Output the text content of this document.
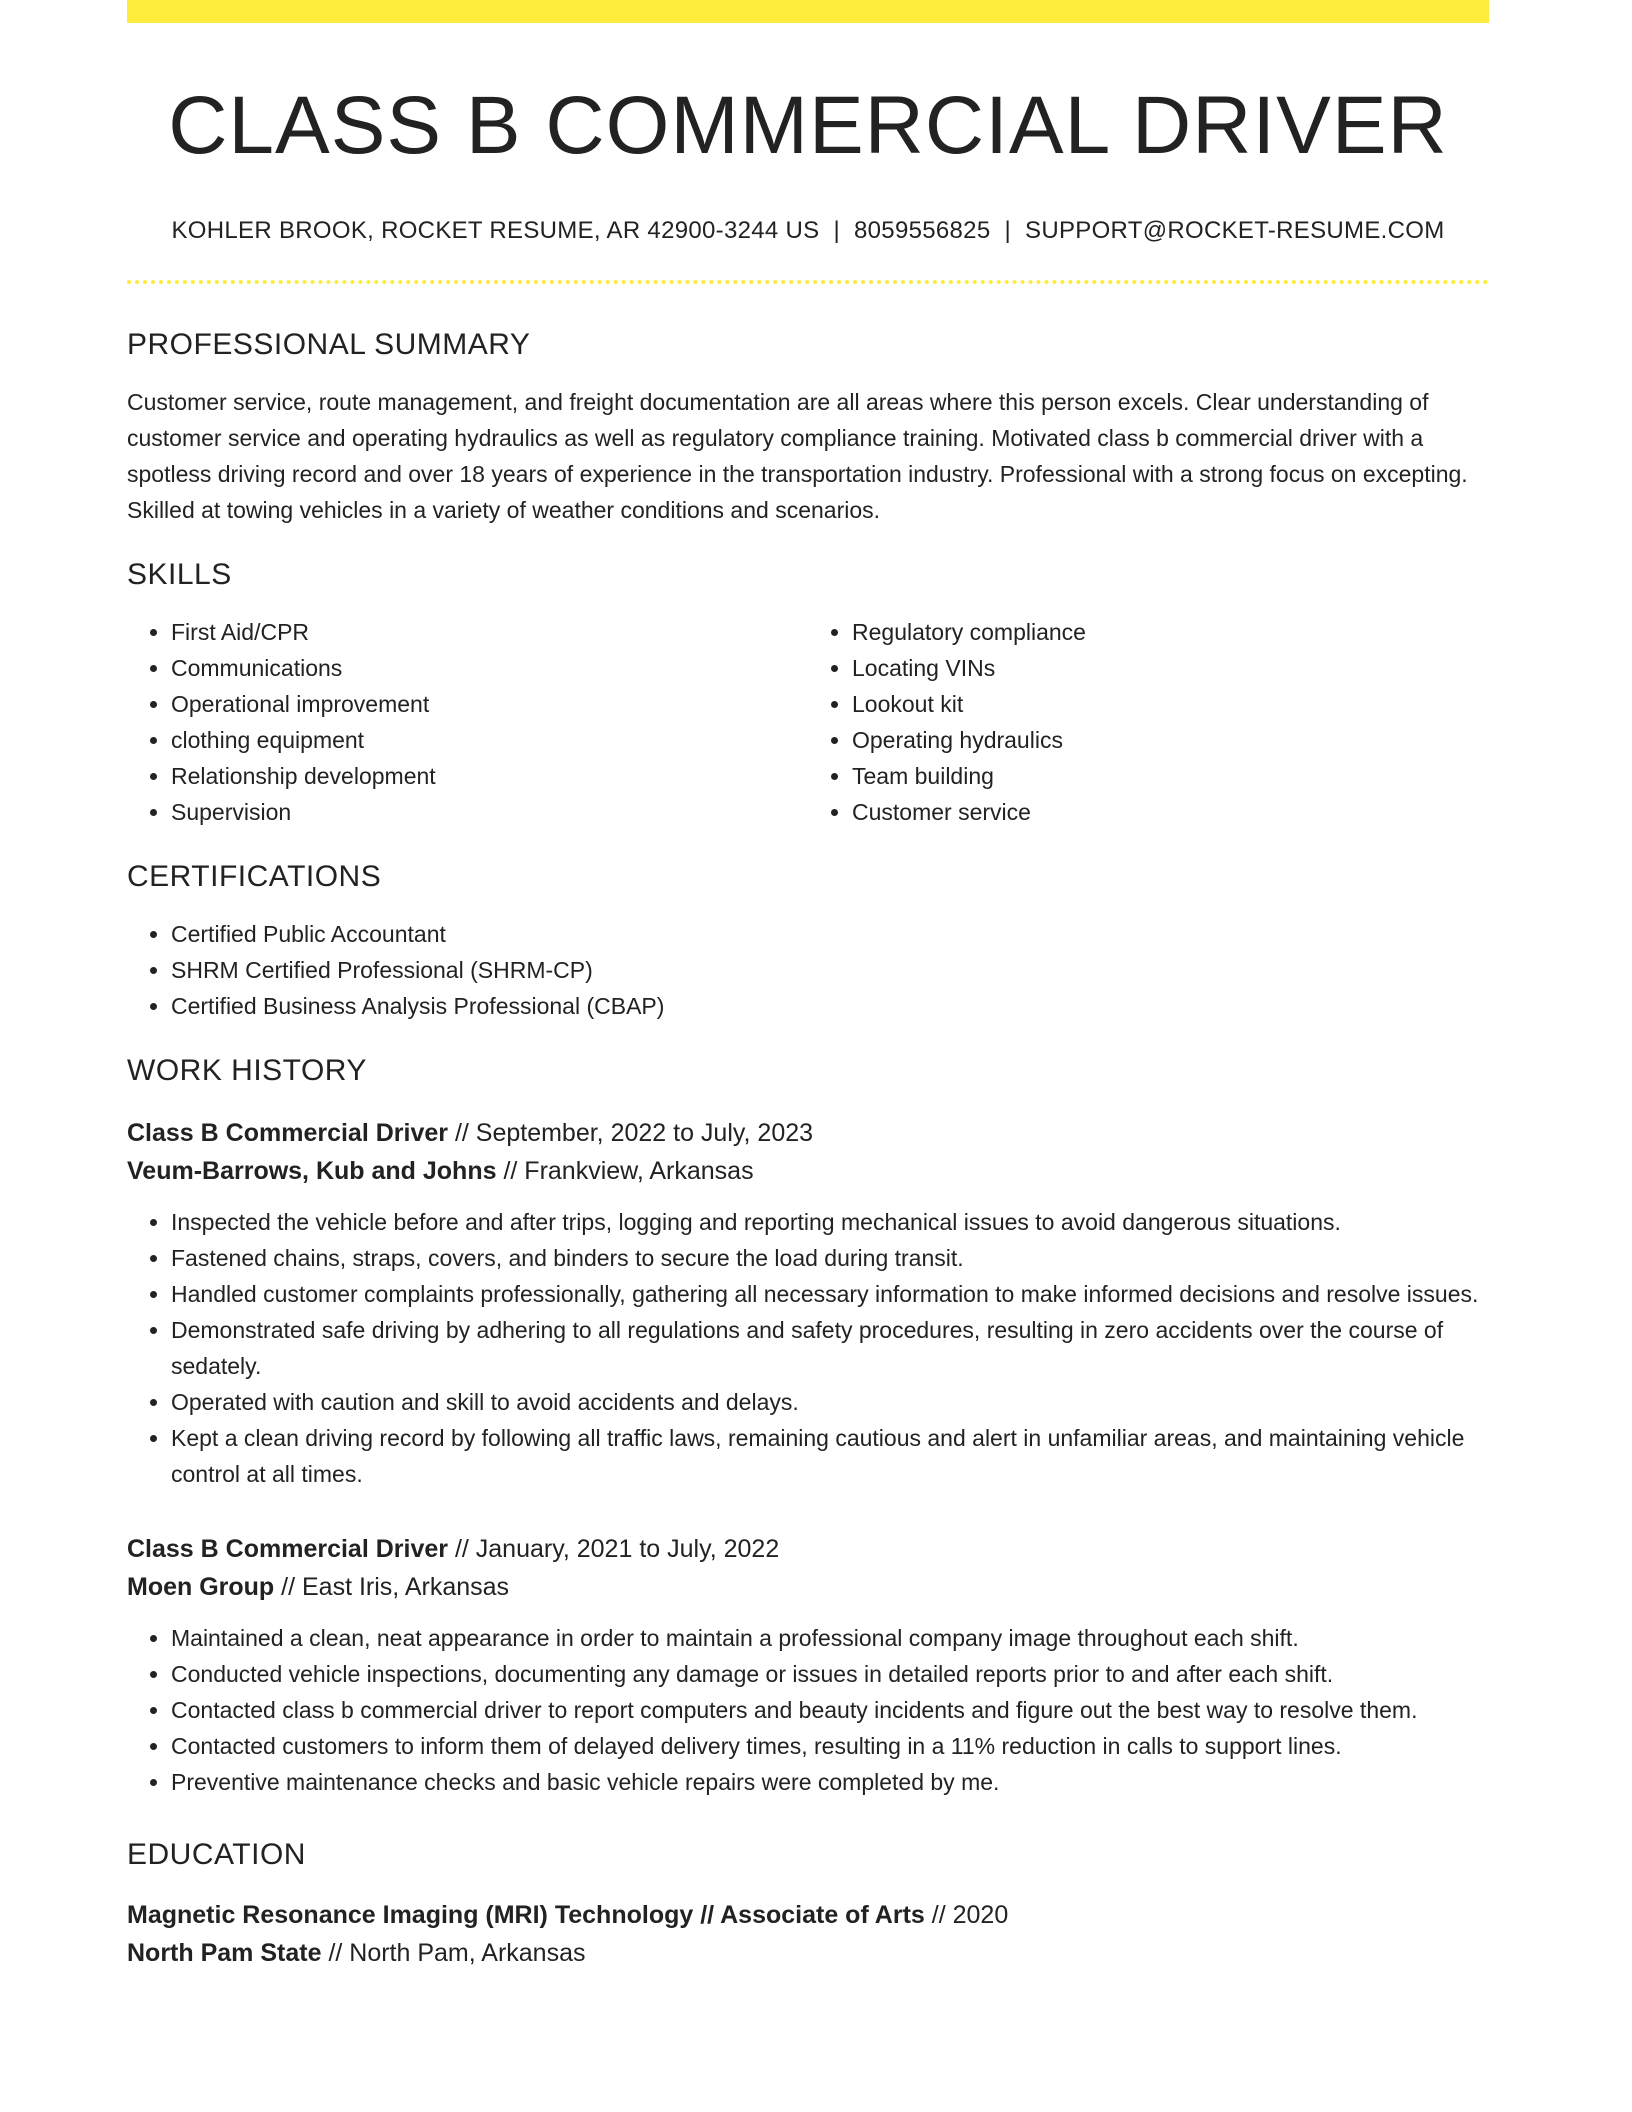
CLASS B COMMERCIAL DRIVER
KOHLER BROOK, ROCKET RESUME, AR 42900-3244 US | 8059556825 | SUPPORT@ROCKET-RESUME.COM
PROFESSIONAL SUMMARY

Customer service, route management, and freight documentation are all areas where this person excels. Clear understanding of customer service and operating hydraulics as well as regulatory compliance training. Motivated class b commercial driver with a spotless driving record and over 18 years of experience in the transportation industry. Professional with a strong focus on excepting. Skilled at towing vehicles in a variety of weather conditions and scenarios.

SKILLS
• First Aid/CPR
• Communications
• Operational improvement
• clothing equipment
• Relationship development
• Supervision
• Regulatory compliance
• Locating VINs
• Lookout kit
• Operating hydraulics
• Team building
• Customer service
CERTIFICATIONS
• Certified Public Accountant
• SHRM Certified Professional (SHRM-CP)
• Certified Business Analysis Professional (CBAP)
WORK HISTORY
Class B Commercial Driver // September, 2022 to July, 2023
Veum-Barrows, Kub and Johns // Frankview, Arkansas
• Inspected the vehicle before and after trips, logging and reporting mechanical issues to avoid dangerous situations.
• Fastened chains, straps, covers, and binders to secure the load during transit.
• Handled customer complaints professionally, gathering all necessary information to make informed decisions and resolve issues.
• Demonstrated safe driving by adhering to all regulations and safety procedures, resulting in zero accidents over the course of sedately.
• Operated with caution and skill to avoid accidents and delays.
• Kept a clean driving record by following all traffic laws, remaining cautious and alert in unfamiliar areas, and maintaining vehicle control at all times.
Class B Commercial Driver // January, 2021 to July, 2022
Moen Group // East Iris, Arkansas
• Maintained a clean, neat appearance in order to maintain a professional company image throughout each shift.
• Conducted vehicle inspections, documenting any damage or issues in detailed reports prior to and after each shift.
• Contacted class b commercial driver to report computers and beauty incidents and figure out the best way to resolve them.
• Contacted customers to inform them of delayed delivery times, resulting in a 11% reduction in calls to support lines.
• Preventive maintenance checks and basic vehicle repairs were completed by me.
EDUCATION
Magnetic Resonance Imaging (MRI) Technology // Associate of Arts // 2020
North Pam State // North Pam, Arkansas
